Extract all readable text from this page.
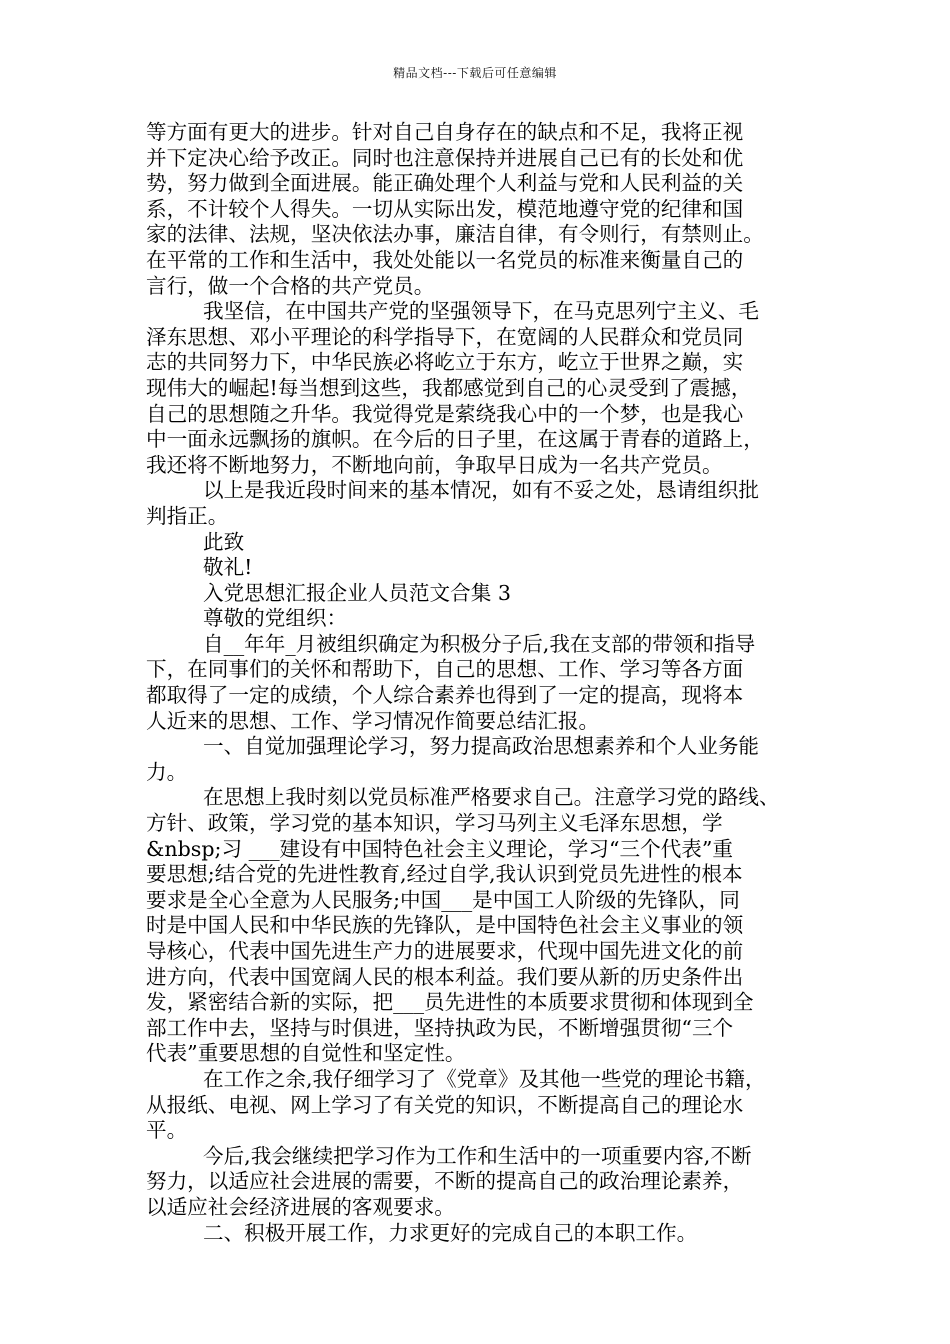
精品文档---下载后可任意编辑
等方面有更大的进步。针对自己自身存在的缺点和不足，我将正视
并下定决心给予改正。同时也注意保持并进展自己已有的长处和优
势，努力做到全面进展。能正确处理个人利益与党和人民利益的关
系，不计较个人得失。一切从实际出发，模范地遵守党的纪律和国
家的法律、法规，坚决依法办事，廉洁自律，有令则行，有禁则止。
在平常的工作和生活中，我处处能以一名党员的标准来衡量自己的
言行，做一个合格的共产党员。
我坚信，在中国共产党的坚强领导下，在马克思列宁主义、毛
泽东思想、邓小平理论的科学指导下，在宽阔的人民群众和党员同
志的共同努力下，中华民族必将屹立于东方，屹立于世界之巅，实
现伟大的崛起!每当想到这些，我都感觉到自己的心灵受到了震撼，
自己的思想随之升华。我觉得党是萦绕我心中的一个梦，也是我心
中一面永远飘扬的旗帜。在今后的日子里，在这属于青春的道路上，
我还将不断地努力，不断地向前，争取早日成为一名共产党员。
以上是我近段时间来的基本情况，如有不妥之处，恳请组织批
判指正。
此致
敬礼!
入党思想汇报企业人员范文合集 3
尊敬的党组织：
自__年年_月被组织确定为积极分子后,我在支部的带领和指导
下，在同事们的关怀和帮助下，自己的思想、工作、学习等各方面
都取得了一定的成绩，个人综合素养也得到了一定的提高，现将本
人近来的思想、工作、学习情况作简要总结汇报。
一、自觉加强理论学习，努力提高政治思想素养和个人业务能
力。
在思想上我时刻以党员标准严格要求自己。注意学习党的路线、
方针、政策，学习党的基本知识，学习马列主义毛泽东思想，学
&nbsp;习 ___建设有中国特色社会主义理论，学习“三个代表”重
要思想;结合党的先进性教育,经过自学,我认识到党员先进性的根本
要求是全心全意为人民服务;中国___是中国工人阶级的先锋队，同
时是中国人民和中华民族的先锋队，是中国特色社会主义事业的领
导核心，代表中国先进生产力的进展要求，代现中国先进文化的前
进方向，代表中国宽阔人民的根本利益。我们要从新的历史条件出
发，紧密结合新的实际，把___员先进性的本质要求贯彻和体现到全
部工作中去，坚持与时俱进，坚持执政为民，不断增强贯彻“三个
代表”重要思想的自觉性和坚定性。
在工作之余,我仔细学习了《党章》及其他一些党的理论书籍，
从报纸、电视、网上学习了有关党的知识，不断提高自己的理论水
平。
今后,我会继续把学习作为工作和生活中的一项重要内容,不断
努力，以适应社会进展的需要，不断的提高自己的政治理论素养，
以适应社会经济进展的客观要求。
二、积极开展工作，力求更好的完成自己的本职工作。
